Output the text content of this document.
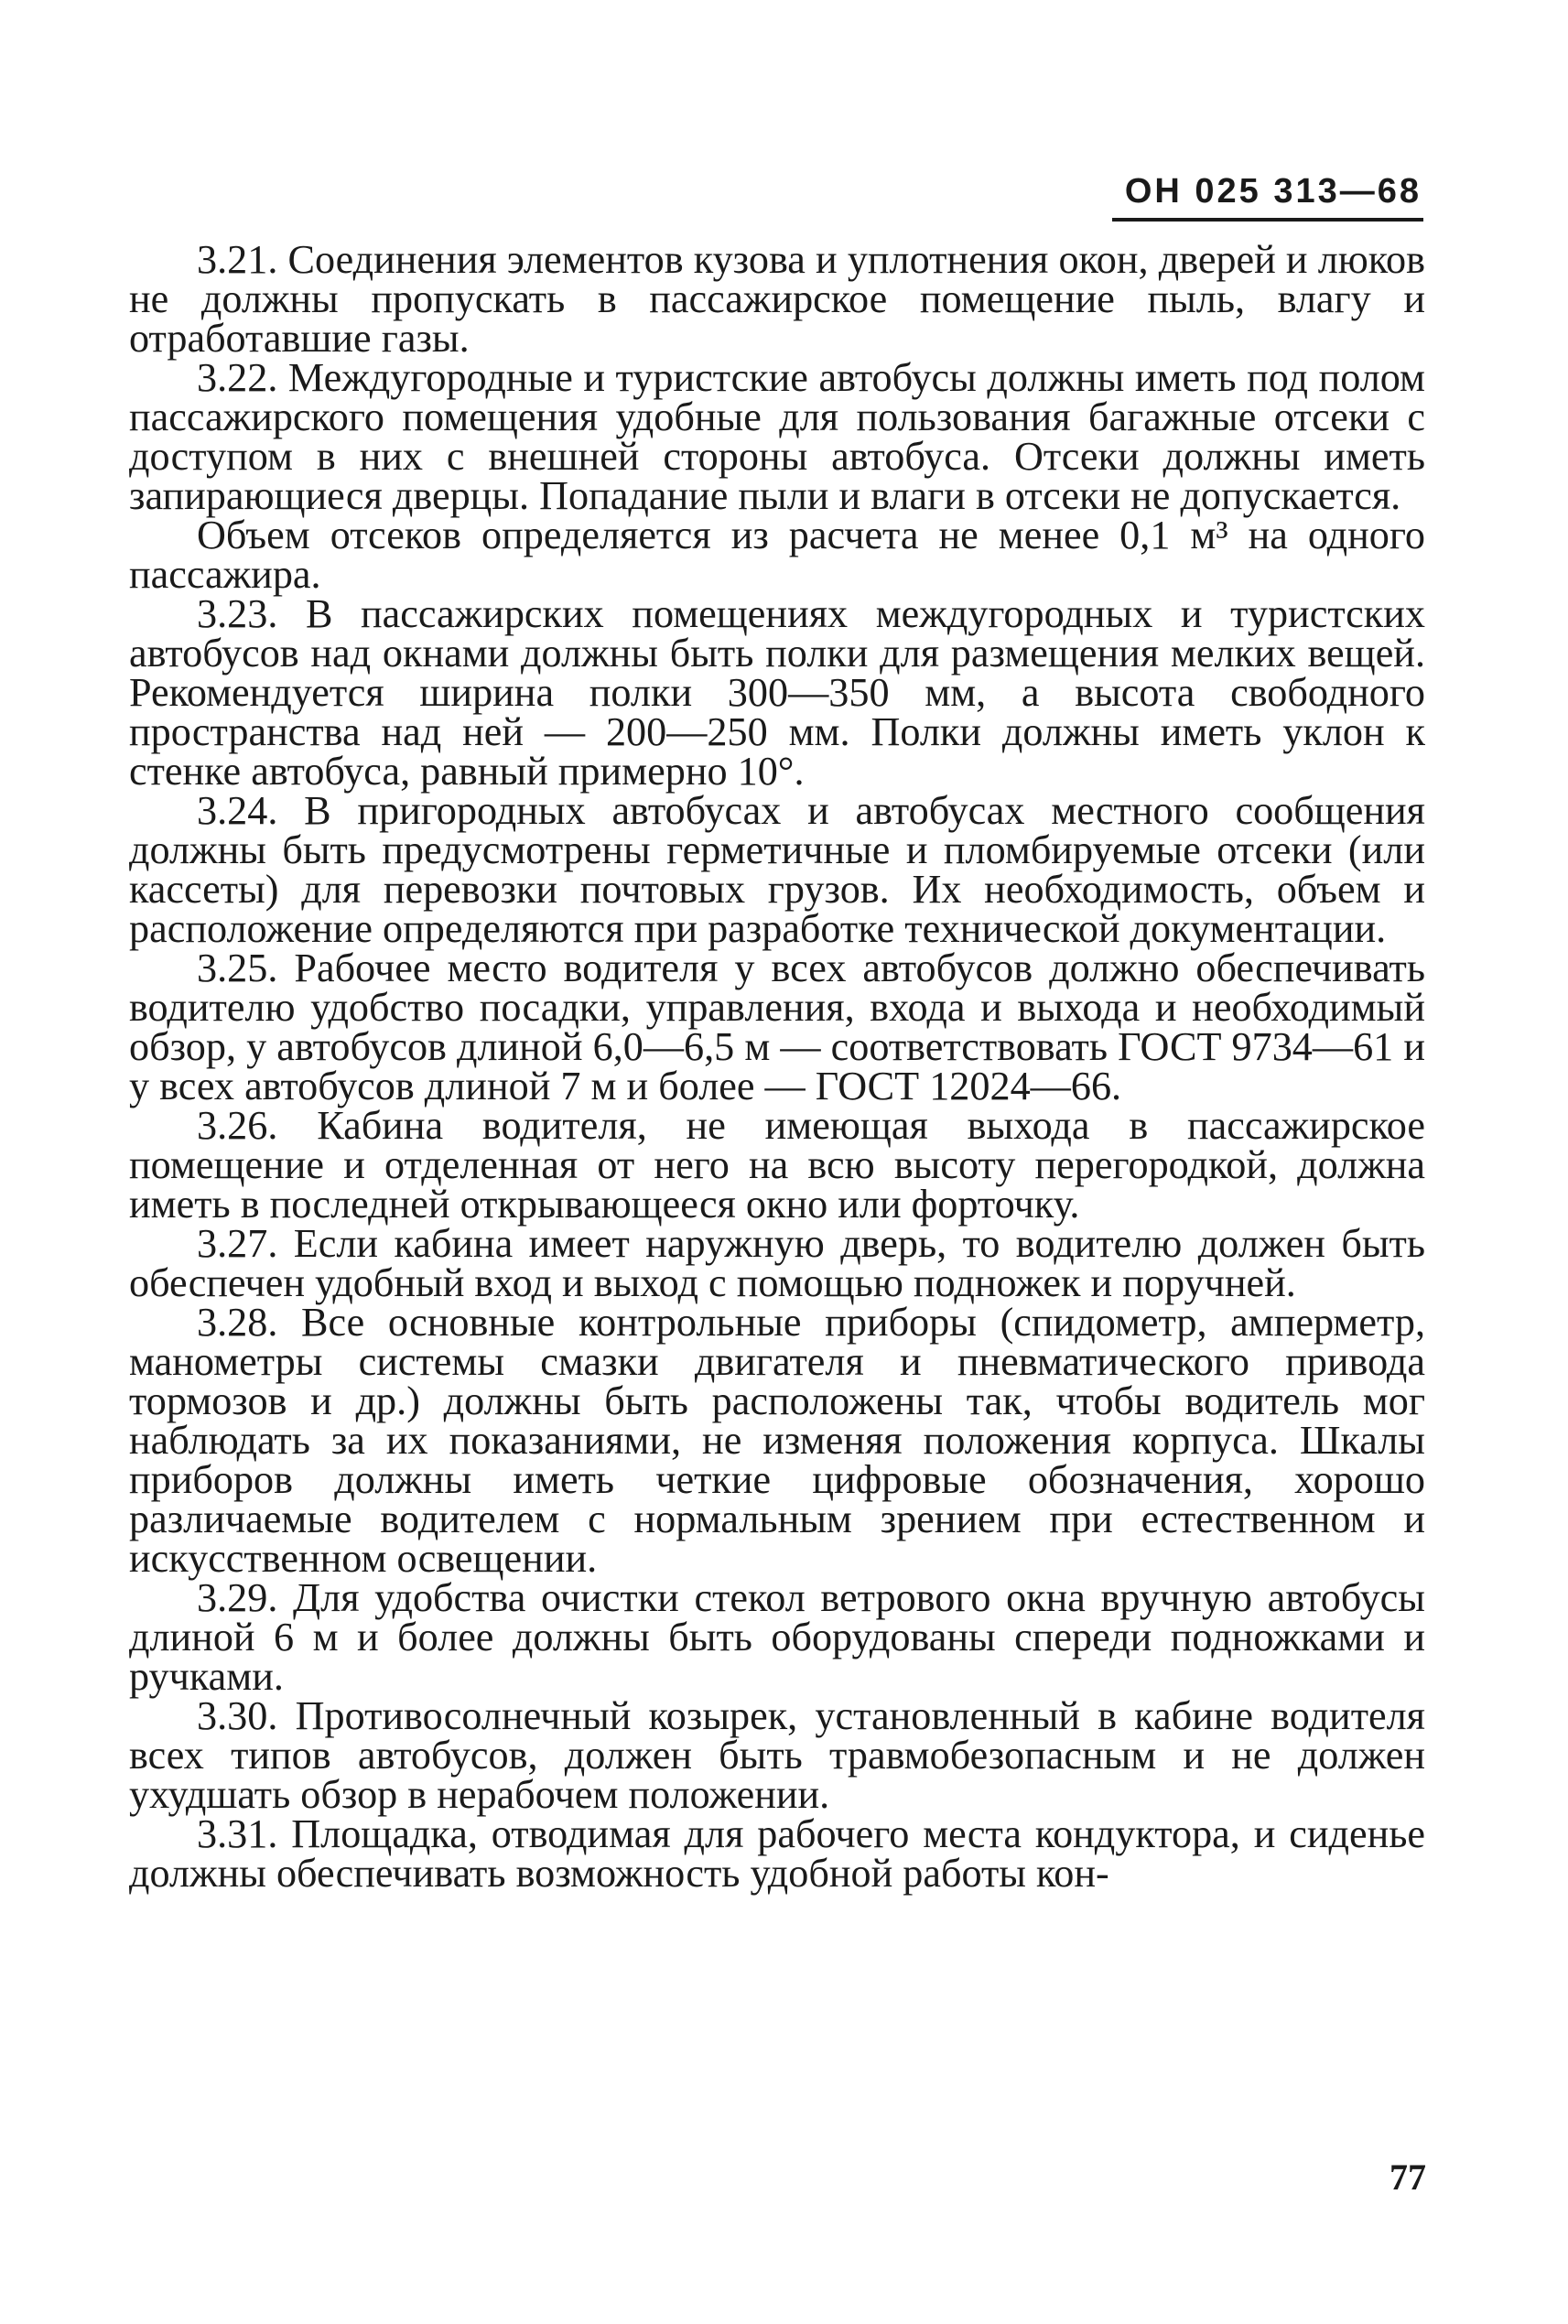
ОН 025 313—68

3.21. Соединения элементов кузова и уплотнения окон, дверей и люков не должны пропускать в пассажирское помещение пыль, влагу и отработавшие газы.

3.22. Междугородные и туристские автобусы должны иметь под полом пассажирского помещения удобные для пользования багажные отсеки с доступом в них с внешней стороны автобуса. Отсеки должны иметь запирающиеся дверцы. Попадание пыли и влаги в отсеки не допускается.

Объем отсеков определяется из расчета не менее 0,1 м³ на одного пассажира.

3.23. В пассажирских помещениях междугородных и туристских автобусов над окнами должны быть полки для размещения мелких вещей. Рекомендуется ширина полки 300—350 мм, а высота свободного пространства над ней — 200—250 мм. Полки должны иметь уклон к стенке автобуса, равный примерно 10°.

3.24. В пригородных автобусах и автобусах местного сообщения должны быть предусмотрены герметичные и пломбируемые отсеки (или кассеты) для перевозки почтовых грузов. Их необходимость, объем и расположение определяются при разработке технической документации.

3.25. Рабочее место водителя у всех автобусов должно обеспечивать водителю удобство посадки, управления, входа и выхода и необходимый обзор, у автобусов длиной 6,0—6,5 м — соответствовать ГОСТ 9734—61 и у всех автобусов длиной 7 м и более — ГОСТ 12024—66.

3.26. Кабина водителя, не имеющая выхода в пассажирское помещение и отделенная от него на всю высоту перегородкой, должна иметь в последней открывающееся окно или форточку.

3.27. Если кабина имеет наружную дверь, то водителю должен быть обеспечен удобный вход и выход с помощью подножек и поручней.

3.28. Все основные контрольные приборы (спидометр, амперметр, манометры системы смазки двигателя и пневматического привода тормозов и др.) должны быть расположены так, чтобы водитель мог наблюдать за их показаниями, не изменяя положения корпуса. Шкалы приборов должны иметь четкие цифровые обозначения, хорошо различаемые водителем с нормальным зрением при естественном и искусственном освещении.

3.29. Для удобства очистки стекол ветрового окна вручную автобусы длиной 6 м и более должны быть оборудованы спереди подножками и ручками.

3.30. Противосолнечный козырек, установленный в кабине водителя всех типов автобусов, должен быть травмобезопасным и не должен ухудшать обзор в нерабочем положении.

3.31. Площадка, отводимая для рабочего места кондуктора, и сиденье должны обеспечивать возможность удобной работы кон-

77
